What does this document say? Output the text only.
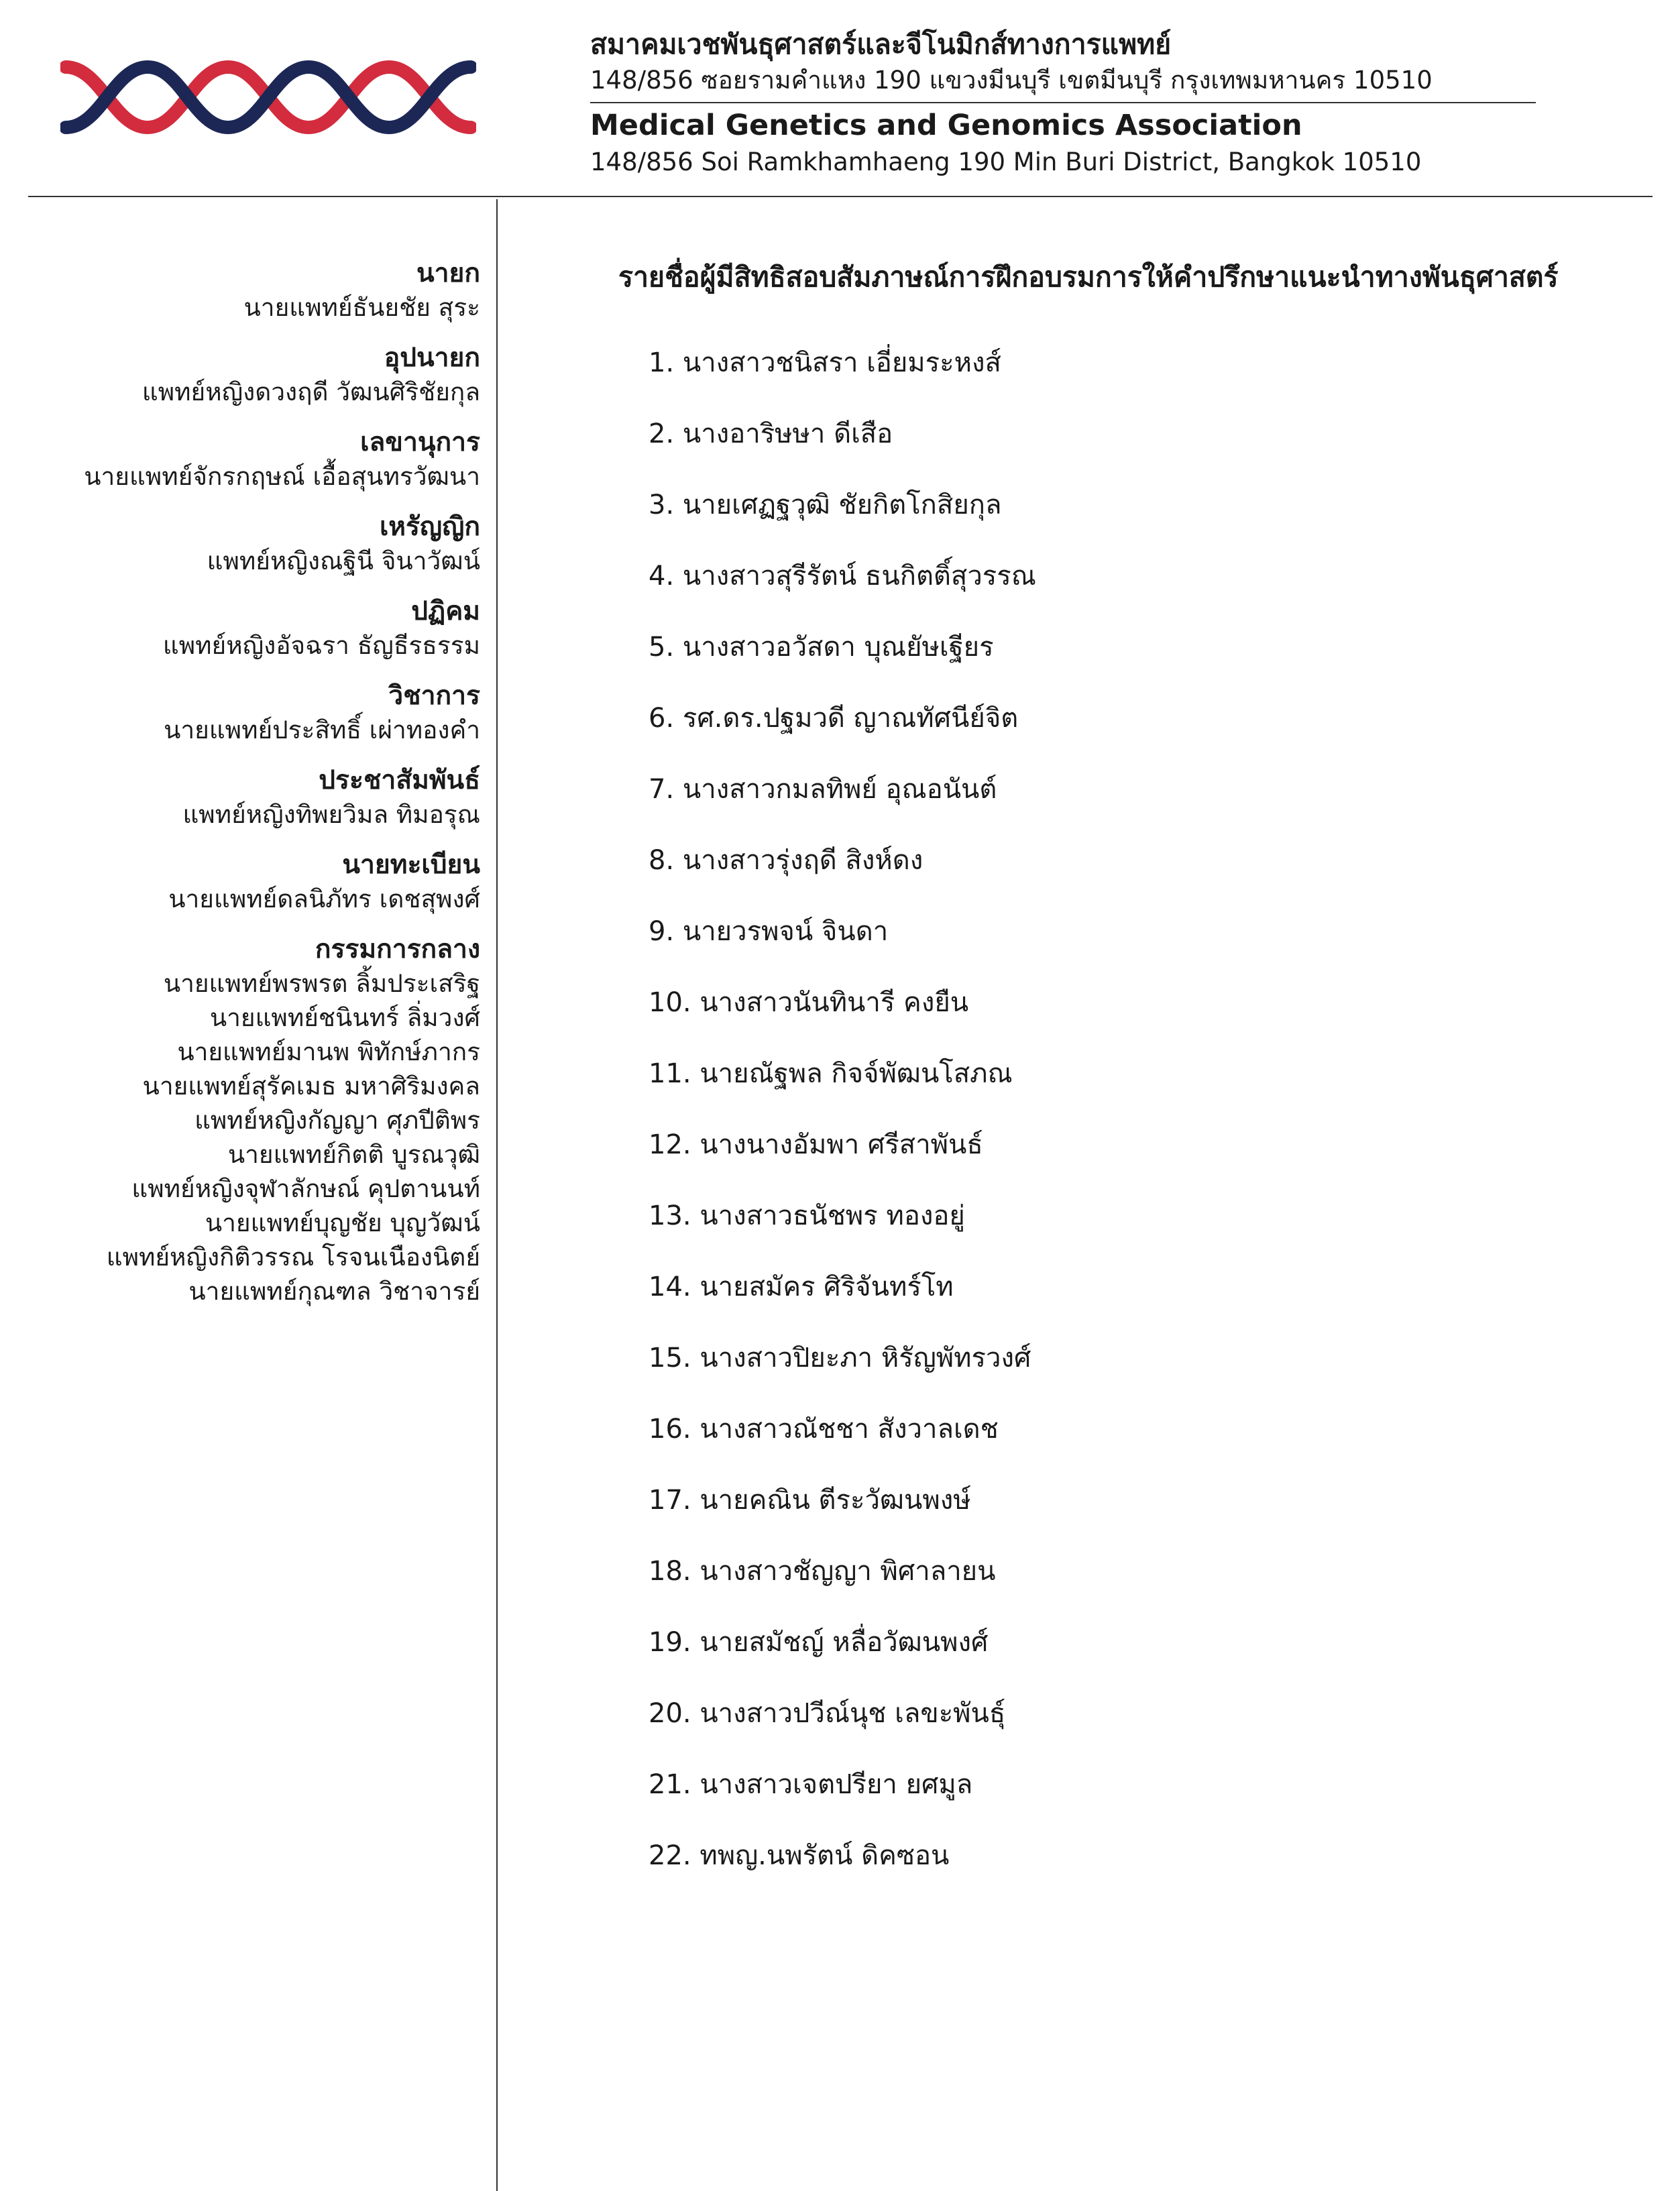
สมาคมเวชพันธุศาสตร์และจีโนมิกส์ทางการแพทย์
148/856 ซอยรามคำแหง 190 แขวงมีนบุรี เขตมีนบุรี กรุงเทพมหานคร 10510
Medical Genetics and Genomics Association
148/856 Soi Ramkhamhaeng 190 Min Buri District, Bangkok 10510
นายก
นายแพทย์ธันยชัย สุระ
อุปนายก
แพทย์หญิงดวงฤดี วัฒนศิริชัยกุล
เลขานุการ
นายแพทย์จักรกฤษณ์ เอื้อสุนทรวัฒนา
เหรัญญิก
แพทย์หญิงณฐินี จินาวัฒน์
ปฏิคม
แพทย์หญิงอัจฉรา ธัญธีรธรรม
วิชาการ
นายแพทย์ประสิทธิ์ เผ่าทองคำ
ประชาสัมพันธ์
แพทย์หญิงทิพยวิมล ทิมอรุณ
นายทะเบียน
นายแพทย์ดลนิภัทร เดชสุพงศ์
กรรมการกลาง
นายแพทย์พรพรต ลิ้มประเสริฐ
นายแพทย์ชนินทร์ ลิ่มวงศ์
นายแพทย์มานพ พิทักษ์ภากร
นายแพทย์สุรัคเมธ มหาศิริมงคล
แพทย์หญิงกัญญา ศุภปีติพร
นายแพทย์กิตติ บูรณวุฒิ
แพทย์หญิงจุฬาลักษณ์ คุปตานนท์
นายแพทย์บุญชัย บุญวัฒน์
แพทย์หญิงกิติวรรณ โรจนเนืองนิตย์
นายแพทย์กุณฑล วิชาจารย์
รายชื่อผู้มีสิทธิสอบสัมภาษณ์การฝึกอบรมการให้คำปรึกษาแนะนำทางพันธุศาสตร์
1. นางสาวชนิสรา เอี่ยมระหงส์
2. นางอาริษษา ดีเสือ
3. นายเศฏฐวุฒิ ชัยกิตโกสิยกุล
4. นางสาวสุรีรัตน์ ธนกิตติ์สุวรรณ
5. นางสาวอวัสดา บุณยัษเฐียร
6. รศ.ดร.ปฐมวดี ญาณทัศนีย์จิต
7. นางสาวกมลทิพย์ อุณอนันต์
8. นางสาวรุ่งฤดี สิงห์ดง
9. นายวรพจน์ จินดา
10. นางสาวนันทินารี คงยืน
11. นายณัฐพล กิจจ์พัฒนโสภณ
12. นางนางอัมพา ศรีสาพันธ์
13. นางสาวธนัชพร ทองอยู่
14. นายสมัคร ศิริจันทร์โท
15. นางสาวปิยะภา หิรัญพัทรวงศ์
16. นางสาวณัชชา สังวาลเดช
17. นายคณิน ตีระวัฒนพงษ์
18. นางสาวชัญญา พิศาลายน
19. นายสมัชญ์ หลื่อวัฒนพงศ์
20. นางสาวปวีณ์นุช เลขะพันธุ์
21. นางสาวเจตปรียา ยศมูล
22. ทพญ.นพรัตน์ ดิคซอน
